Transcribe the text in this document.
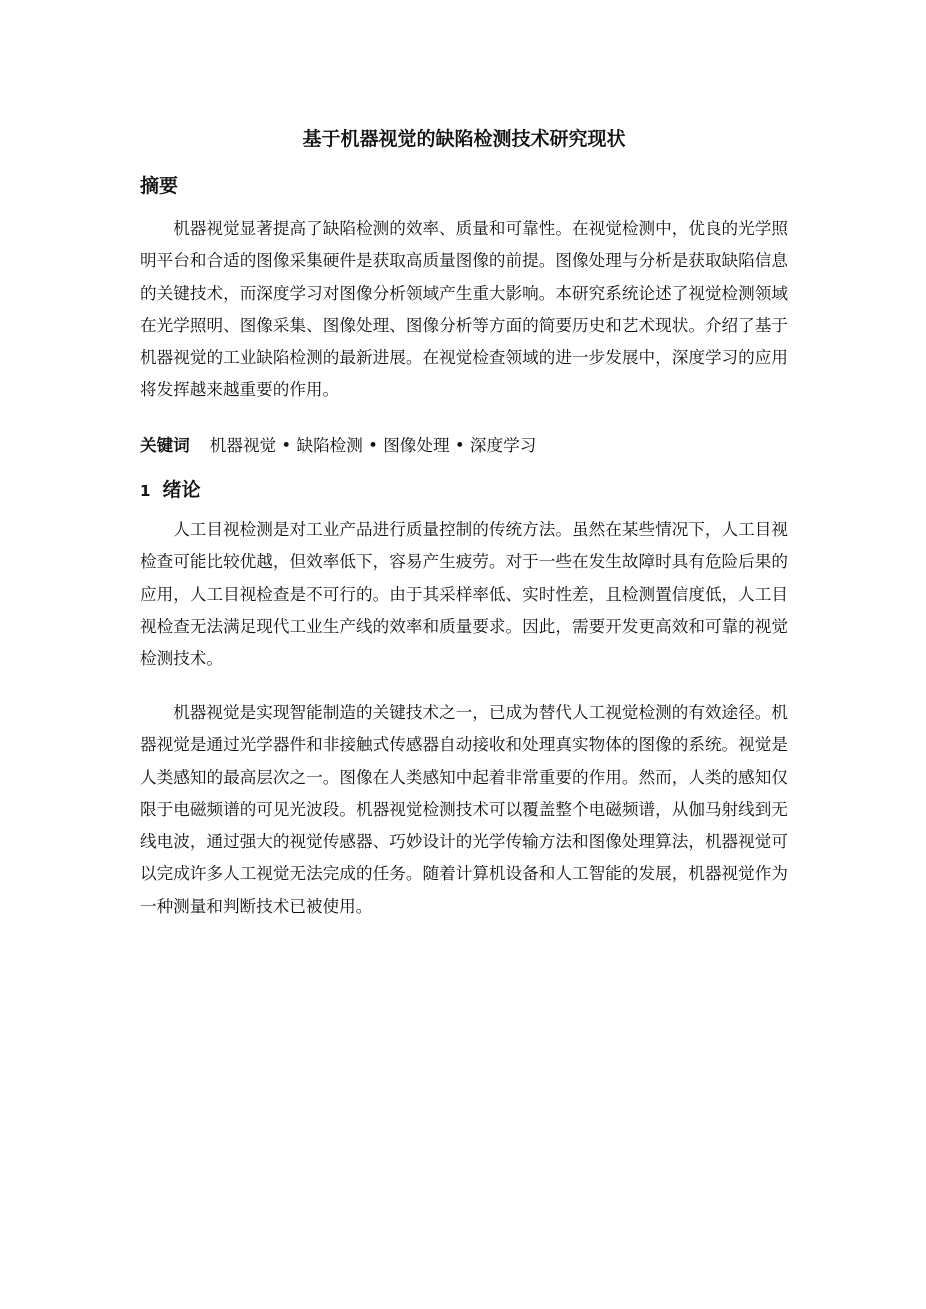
基于机器视觉的缺陷检测技术研究现状
摘要

机器视觉显著提高了缺陷检测的效率、质量和可靠性。在视觉检测中，优良的光学照明平台和合适的图像采集硬件是获取高质量图像的前提。图像处理与分析是获取缺陷信息的关键技术，而深度学习对图像分析领域产生重大影响。本研究系统论述了视觉检测领域在光学照明、图像采集、图像处理、图像分析等方面的简要历史和艺术现状。介绍了基于机器视觉的工业缺陷检测的最新进展。在视觉检查领域的进一步发展中，深度学习的应用将发挥越来越重要的作用。

关键词 机器视觉 • 缺陷检测 • 图像处理 • 深度学习

1 绪论

人工目视检测是对工业产品进行质量控制的传统方法。虽然在某些情况下，人工目视检查可能比较优越，但效率低下，容易产生疲劳。对于一些在发生故障时具有危险后果的应用，人工目视检查是不可行的。由于其采样率低、实时性差，且检测置信度低，人工目视检查无法满足现代工业生产线的效率和质量要求。因此，需要开发更高效和可靠的视觉检测技术。

机器视觉是实现智能制造的关键技术之一，已成为替代人工视觉检测的有效途径。机器视觉是通过光学器件和非接触式传感器自动接收和处理真实物体的图像的系统。视觉是人类感知的最高层次之一。图像在人类感知中起着非常重要的作用。然而，人类的感知仅限于电磁频谱的可见光波段。机器视觉检测技术可以覆盖整个电磁频谱，从伽马射线到无线电波，通过强大的视觉传感器、巧妙设计的光学传输方法和图像处理算法，机器视觉可以完成许多人工视觉无法完成的任务。随着计算机设备和人工智能的发展，机器视觉作为一种测量和判断技术已被使用。
